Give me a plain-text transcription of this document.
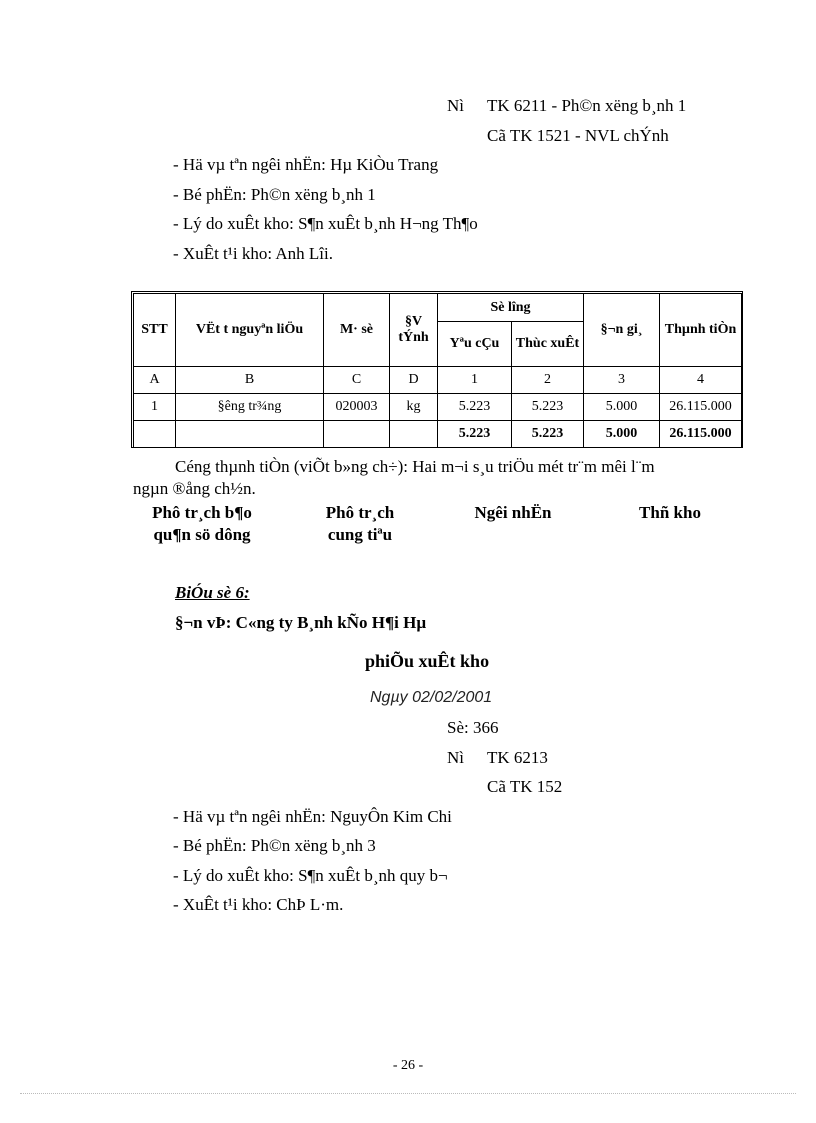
Nì TK 6211 - Ph©n xëng b¸nh 1
Cã TK 1521 - NVL chÝnh
- Hä vµ tªn ngêi nhËn: Hµ KiÒu Trang
- Bé phËn: Ph©n xëng b¸nh 1
- Lý do xuÊt kho: S¶n xuÊt b¸nh H¬ng Th¶o
- XuÊt t¹i kho: Anh Lîi.
STT	VËt t nguyªn liÖu	M· sè	§V tÝnh	Sè lîng		§¬n gi¸	Thµnh tiÒn
				Yªu cÇu	Thùc xuÊt		
A	B	C	D	1	2	3	4
1	§êng tr¾ng	020003	kg	5.223	5.223	5.000	26.115.000
				5.223	5.223	5.000	26.115.000
Céng thµnh tiÒn (viÕt b»ng ch÷): Hai m¬i s¸u triÖu mét tr¨m mêi l¨m
ngµn ®ång ch½n.
Phô tr¸ch b¶o
qu¶n sö dông
Phô tr¸ch
cung tiªu
Ngêi nhËn	Thñ kho
BiÓu sè 6:
§¬n vÞ: C«ng ty B¸nh kÑo H¶i Hµ
phiÕu xuÊt kho
Ngµy 02/02/2001
Sè: 366
Nì TK 6213
Cã TK 152
- Hä vµ tªn ngêi nhËn: NguyÔn Kim Chi
- Bé phËn: Ph©n xëng b¸nh 3
- Lý do xuÊt kho: S¶n xuÊt b¸nh quy b¬
- XuÊt t¹i kho: ChÞ L·m.
- 26 -
